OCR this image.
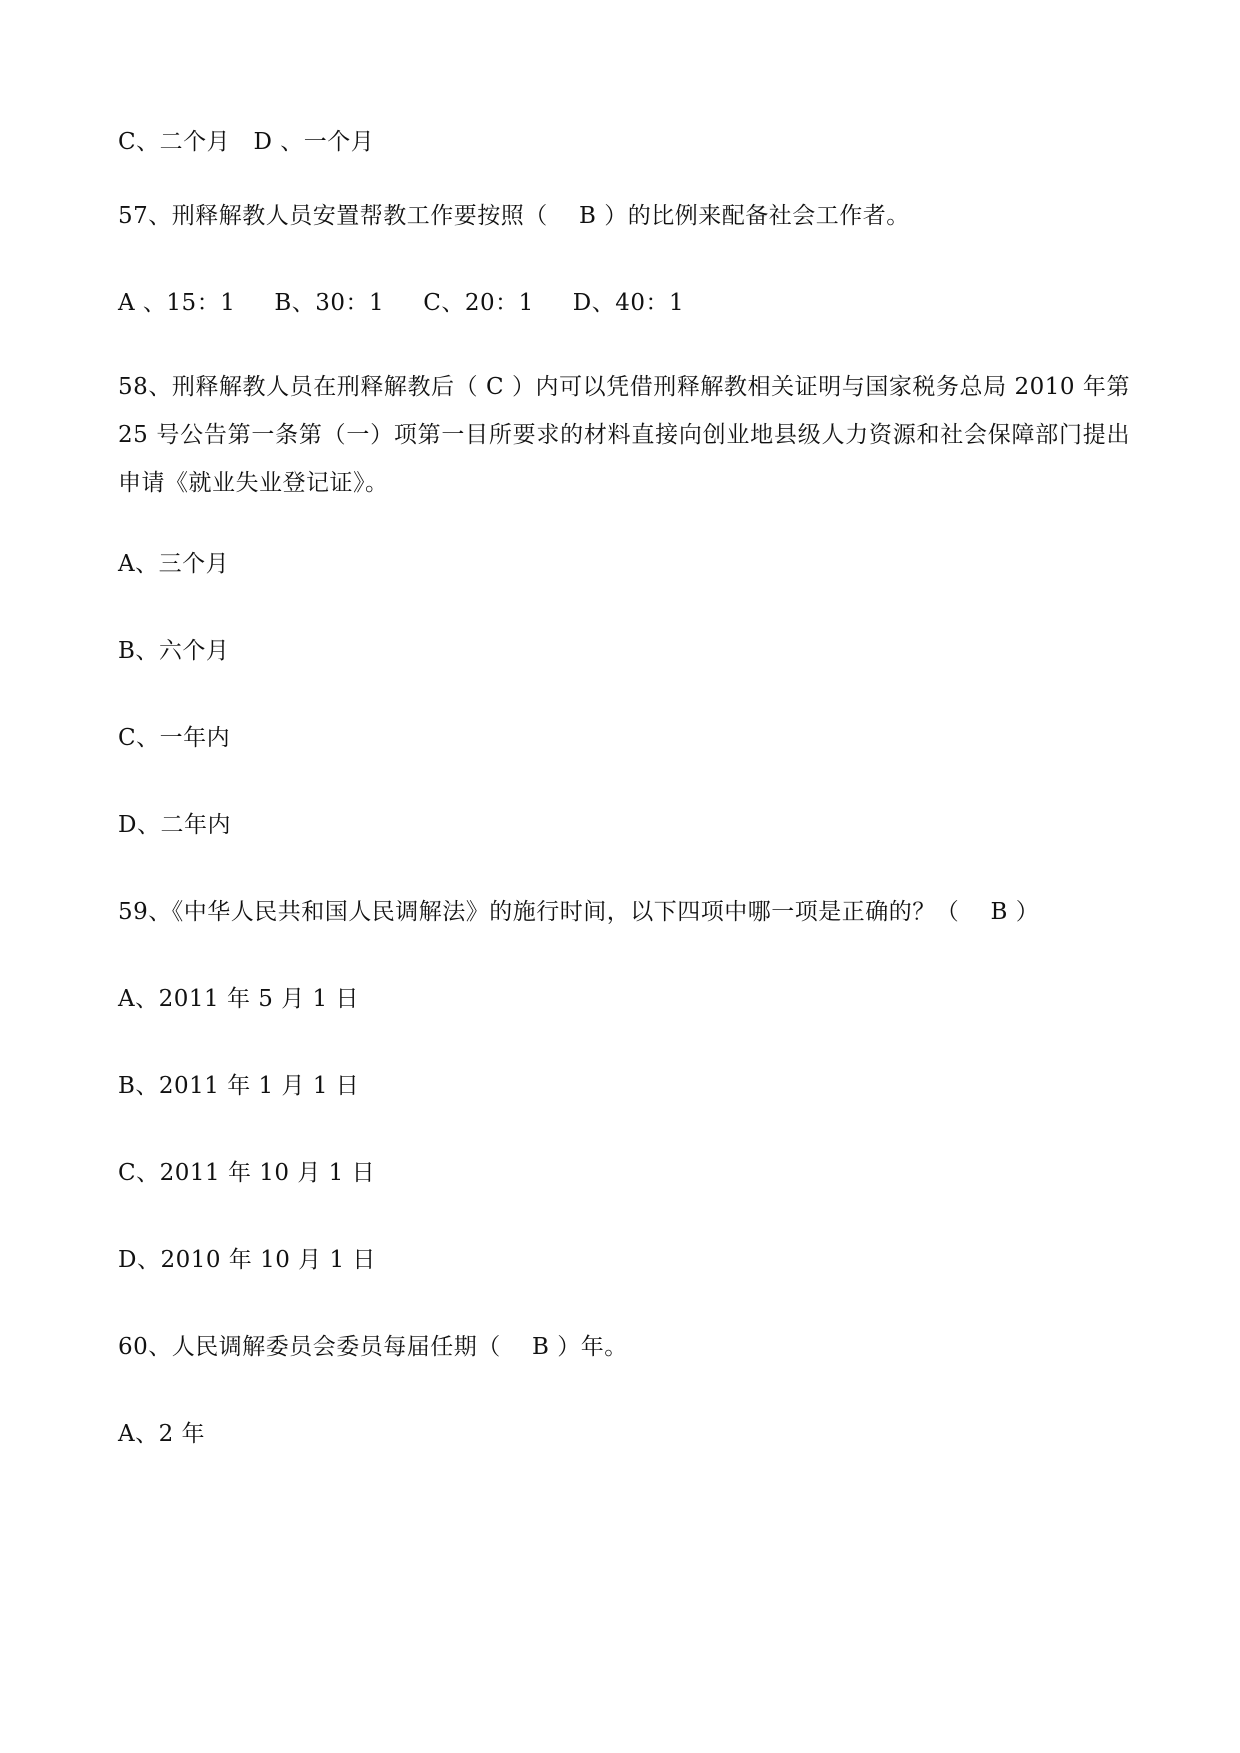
C、二个月   D 、一个月
57、刑释解教人员安置帮教工作要按照（    B ）的比例来配备社会工作者。
A 、15：1     B、30：1     C、20：1     D、40：1
58、刑释解教人员在刑释解教后（ C ）内可以凭借刑释解教相关证明与国家税务总局 2010 年第 25 号公告第一条第（一）项第一目所要求的材料直接向创业地县级人力资源和社会保障部门提出申请《就业失业登记证》。
A、三个月
B、六个月
C、一年内
D、二年内
59、《中华人民共和国人民调解法》的施行时间，以下四项中哪一项是正确的？（    B ）
A、2011 年 5 月 1 日
B、2011 年 1 月 1 日
C、2011 年 10 月 1 日
D、2010 年 10 月 1 日
60、人民调解委员会委员每届任期（    B ）年。
A、2 年
